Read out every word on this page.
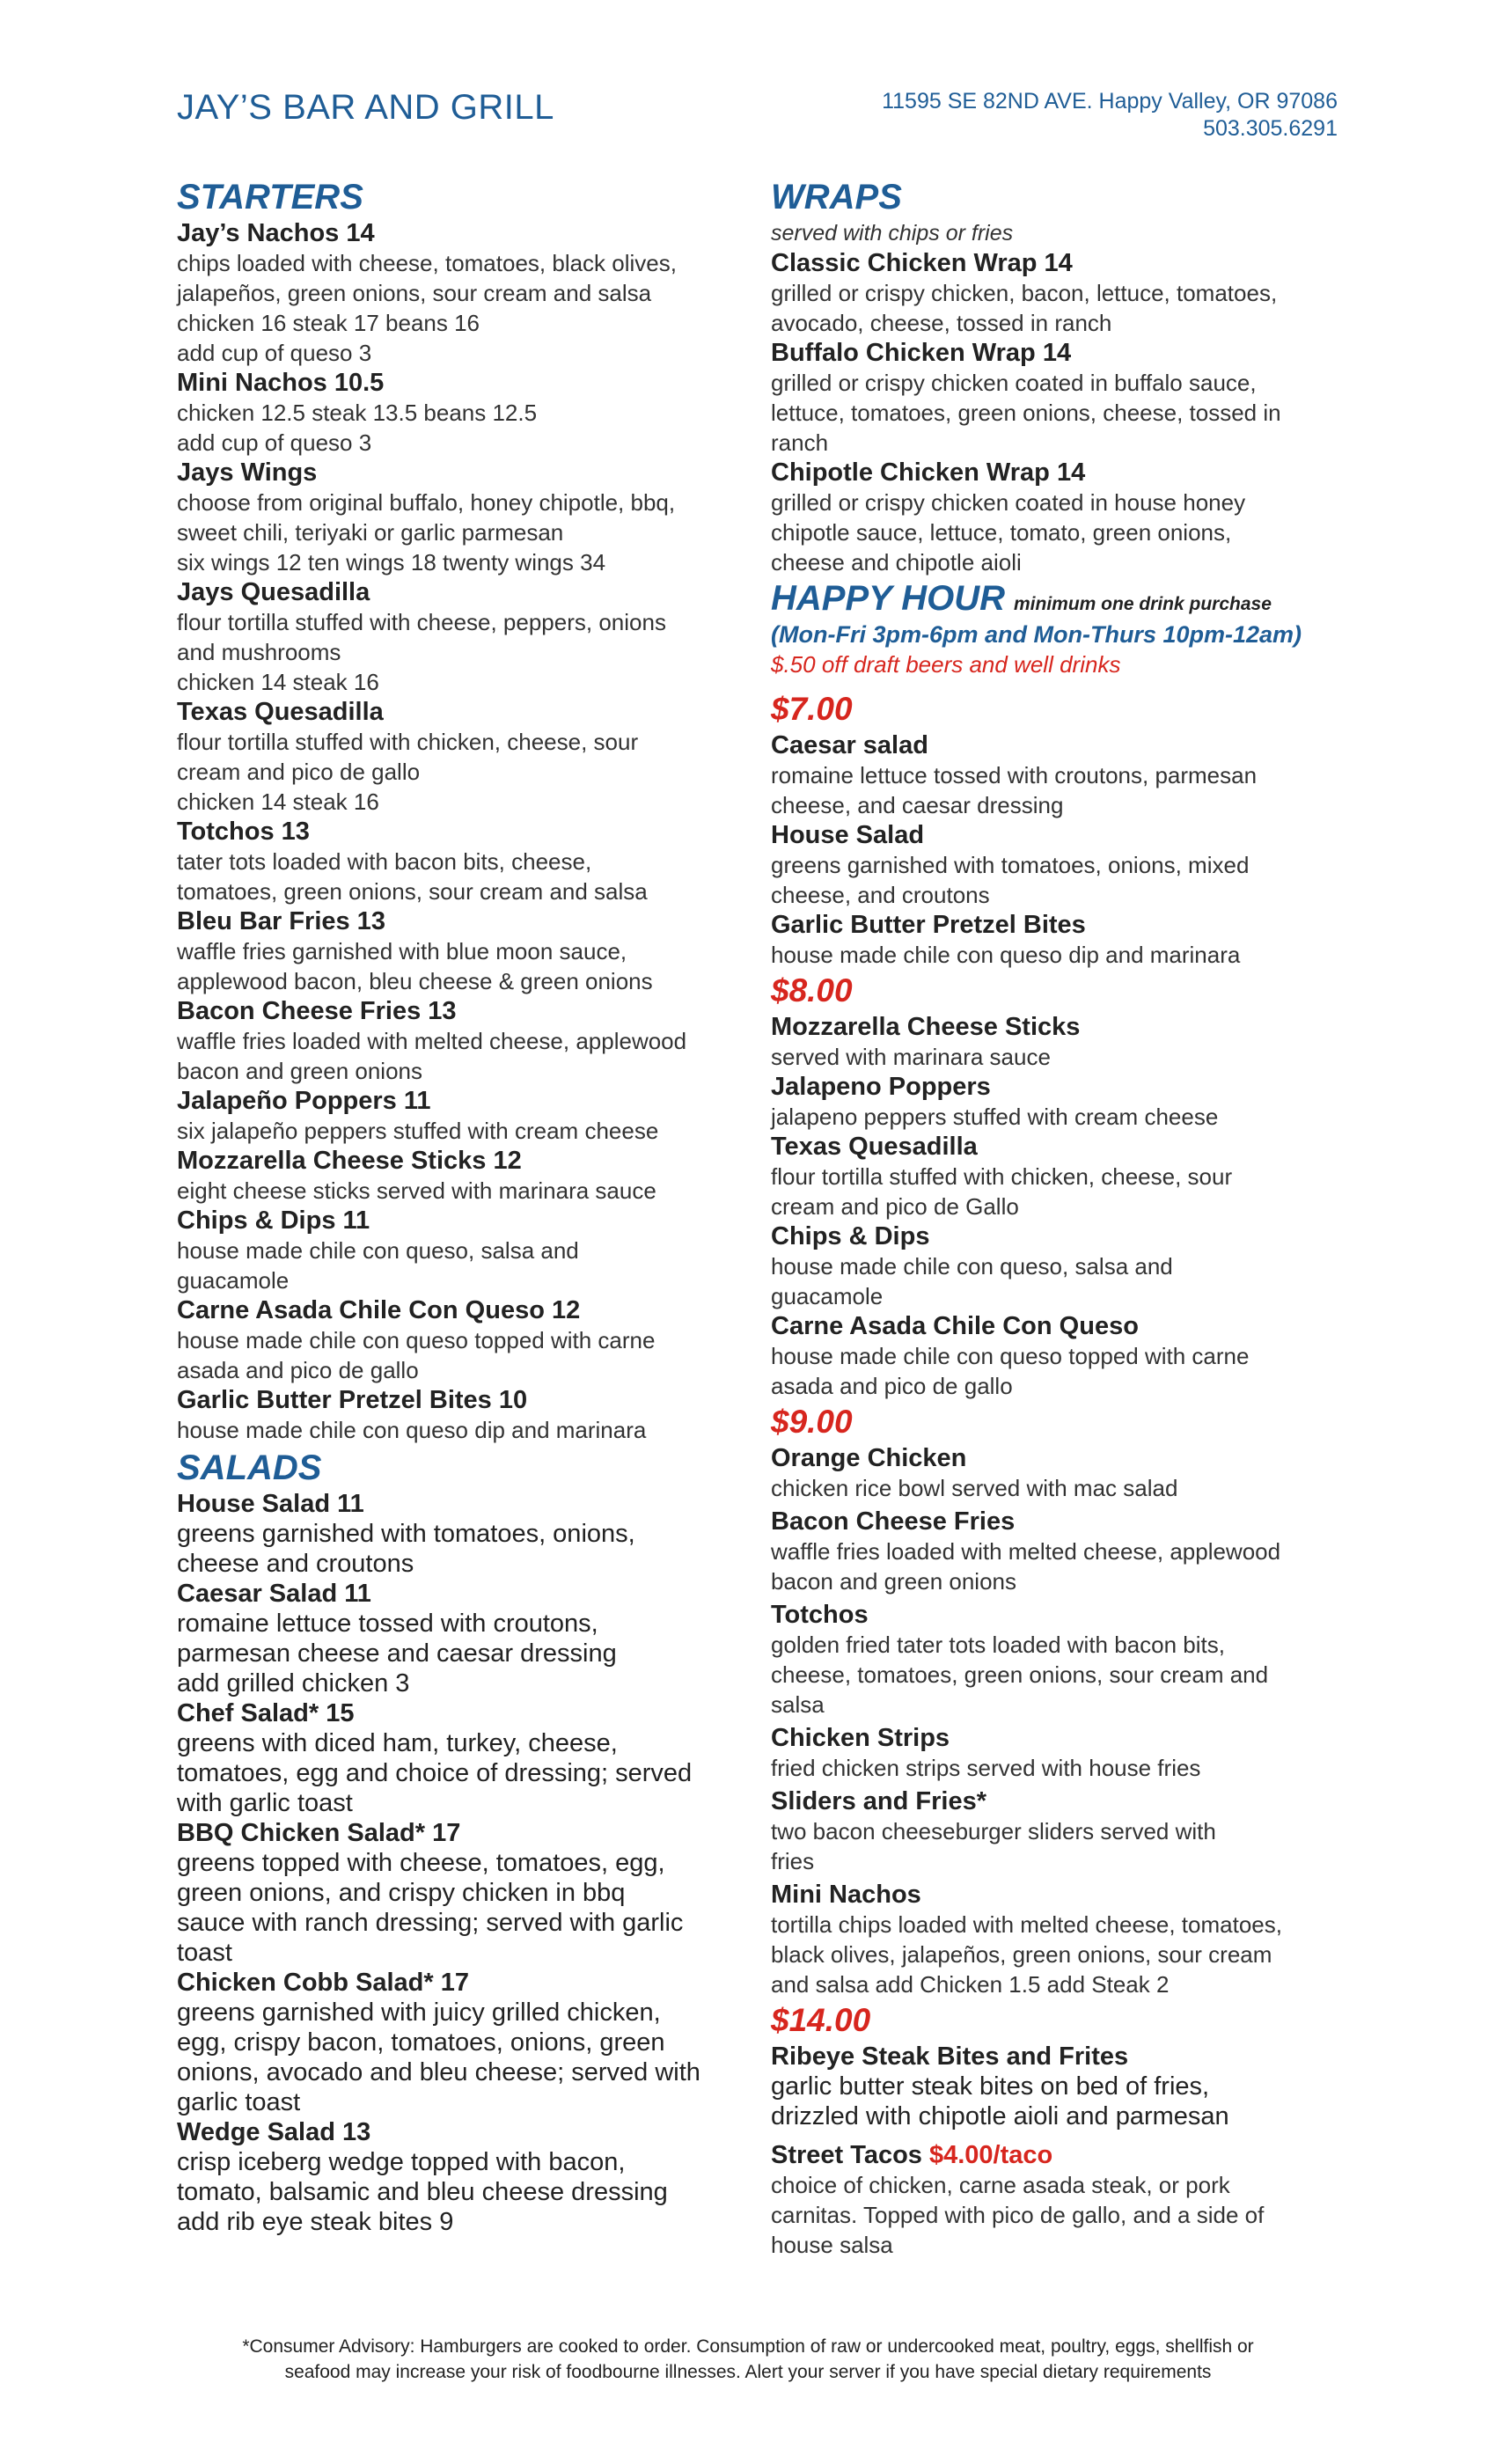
JAY’S BAR AND GRILL	11595 SE 82ND AVE. Happy Valley, OR 97086
503.305.6291
STARTERS
Jay’s Nachos 14
chips loaded with cheese, tomatoes, black olives,
jalapeños, green onions, sour cream and salsa
chicken 16 steak 17 beans 16
add cup of queso 3
Mini Nachos 10.5
chicken 12.5 steak 13.5 beans 12.5
add cup of queso 3
Jays Wings
choose from original buffalo, honey chipotle, bbq,
sweet chili, teriyaki or garlic parmesan
six wings 12 ten wings 18 twenty wings 34
Jays Quesadilla
flour tortilla stuffed with cheese, peppers, onions
and mushrooms
chicken 14 steak 16
Texas Quesadilla
flour tortilla stuffed with chicken, cheese, sour
cream and pico de gallo
chicken 14 steak 16
Totchos 13
tater tots loaded with bacon bits, cheese,
tomatoes, green onions, sour cream and salsa
Bleu Bar Fries 13
waffle fries garnished with blue moon sauce,
applewood bacon, bleu cheese & green onions
Bacon Cheese Fries 13
waffle fries loaded with melted cheese, applewood
bacon and green onions
Jalapeño Poppers 11
six jalapeño peppers stuffed with cream cheese
Mozzarella Cheese Sticks 12
eight cheese sticks served with marinara sauce
Chips & Dips 11
house made chile con queso, salsa and
guacamole
Carne Asada Chile Con Queso 12
house made chile con queso topped with carne
asada and pico de gallo
Garlic Butter Pretzel Bites 10
house made chile con queso dip and marinara
SALADS
House Salad 11
greens garnished with tomatoes, onions,
cheese and croutons
Caesar Salad 11
romaine lettuce tossed with croutons,
parmesan cheese and caesar dressing
add grilled chicken 3
Chef Salad* 15
greens with diced ham, turkey, cheese,
tomatoes, egg and choice of dressing; served
with garlic toast
BBQ Chicken Salad* 17
greens topped with cheese, tomatoes, egg,
green onions, and crispy chicken in bbq
sauce with ranch dressing; served with garlic
toast
Chicken Cobb Salad* 17
greens garnished with juicy grilled chicken,
egg, crispy bacon, tomatoes, onions, green
onions, avocado and bleu cheese; served with
garlic toast
Wedge Salad 13
crisp iceberg wedge topped with bacon,
tomato, balsamic and bleu cheese dressing
add rib eye steak bites 9
WRAPS
served with chips or fries
Classic Chicken Wrap 14
grilled or crispy chicken, bacon, lettuce, tomatoes,
avocado, cheese, tossed in ranch
Buffalo Chicken Wrap 14
grilled or crispy chicken coated in buffalo sauce,
lettuce, tomatoes, green onions, cheese, tossed in
ranch
Chipotle Chicken Wrap 14
grilled or crispy chicken coated in house honey
chipotle sauce, lettuce, tomato, green onions,
cheese and chipotle aioli
HAPPY HOUR minimum one drink purchase
(Mon-Fri 3pm-6pm and Mon-Thurs 10pm-12am)
$.50 off draft beers and well drinks
$7.00
Caesar salad
romaine lettuce tossed with croutons, parmesan
cheese, and caesar dressing
House Salad
greens garnished with tomatoes, onions, mixed
cheese, and croutons
Garlic Butter Pretzel Bites
house made chile con queso dip and marinara
$8.00
Mozzarella Cheese Sticks
served with marinara sauce
Jalapeno Poppers
jalapeno peppers stuffed with cream cheese
Texas Quesadilla
flour tortilla stuffed with chicken, cheese, sour
cream and pico de Gallo
Chips & Dips
house made chile con queso, salsa and
guacamole
Carne Asada Chile Con Queso
house made chile con queso topped with carne
asada and pico de gallo
$9.00
Orange Chicken
chicken rice bowl served with mac salad
Bacon Cheese Fries
waffle fries loaded with melted cheese, applewood
bacon and green onions
Totchos
golden fried tater tots loaded with bacon bits,
cheese, tomatoes, green onions, sour cream and
salsa
Chicken Strips
fried chicken strips served with house fries
Sliders and Fries*
two bacon cheeseburger sliders served with
fries
Mini Nachos
tortilla chips loaded with melted cheese, tomatoes,
black olives, jalapeños, green onions, sour cream
and salsa add Chicken 1.5 add Steak 2
$14.00
Ribeye Steak Bites and Frites
garlic butter steak bites on bed of fries,
drizzled with chipotle aioli and parmesan
Street Tacos $4.00/taco
choice of chicken, carne asada steak, or pork
carnitas. Topped with pico de gallo, and a side of
house salsa
*Consumer Advisory: Hamburgers are cooked to order. Consumption of raw or undercooked meat, poultry, eggs, shellfish or
seafood may increase your risk of foodbourne illnesses. Alert your server if you have special dietary requirements
